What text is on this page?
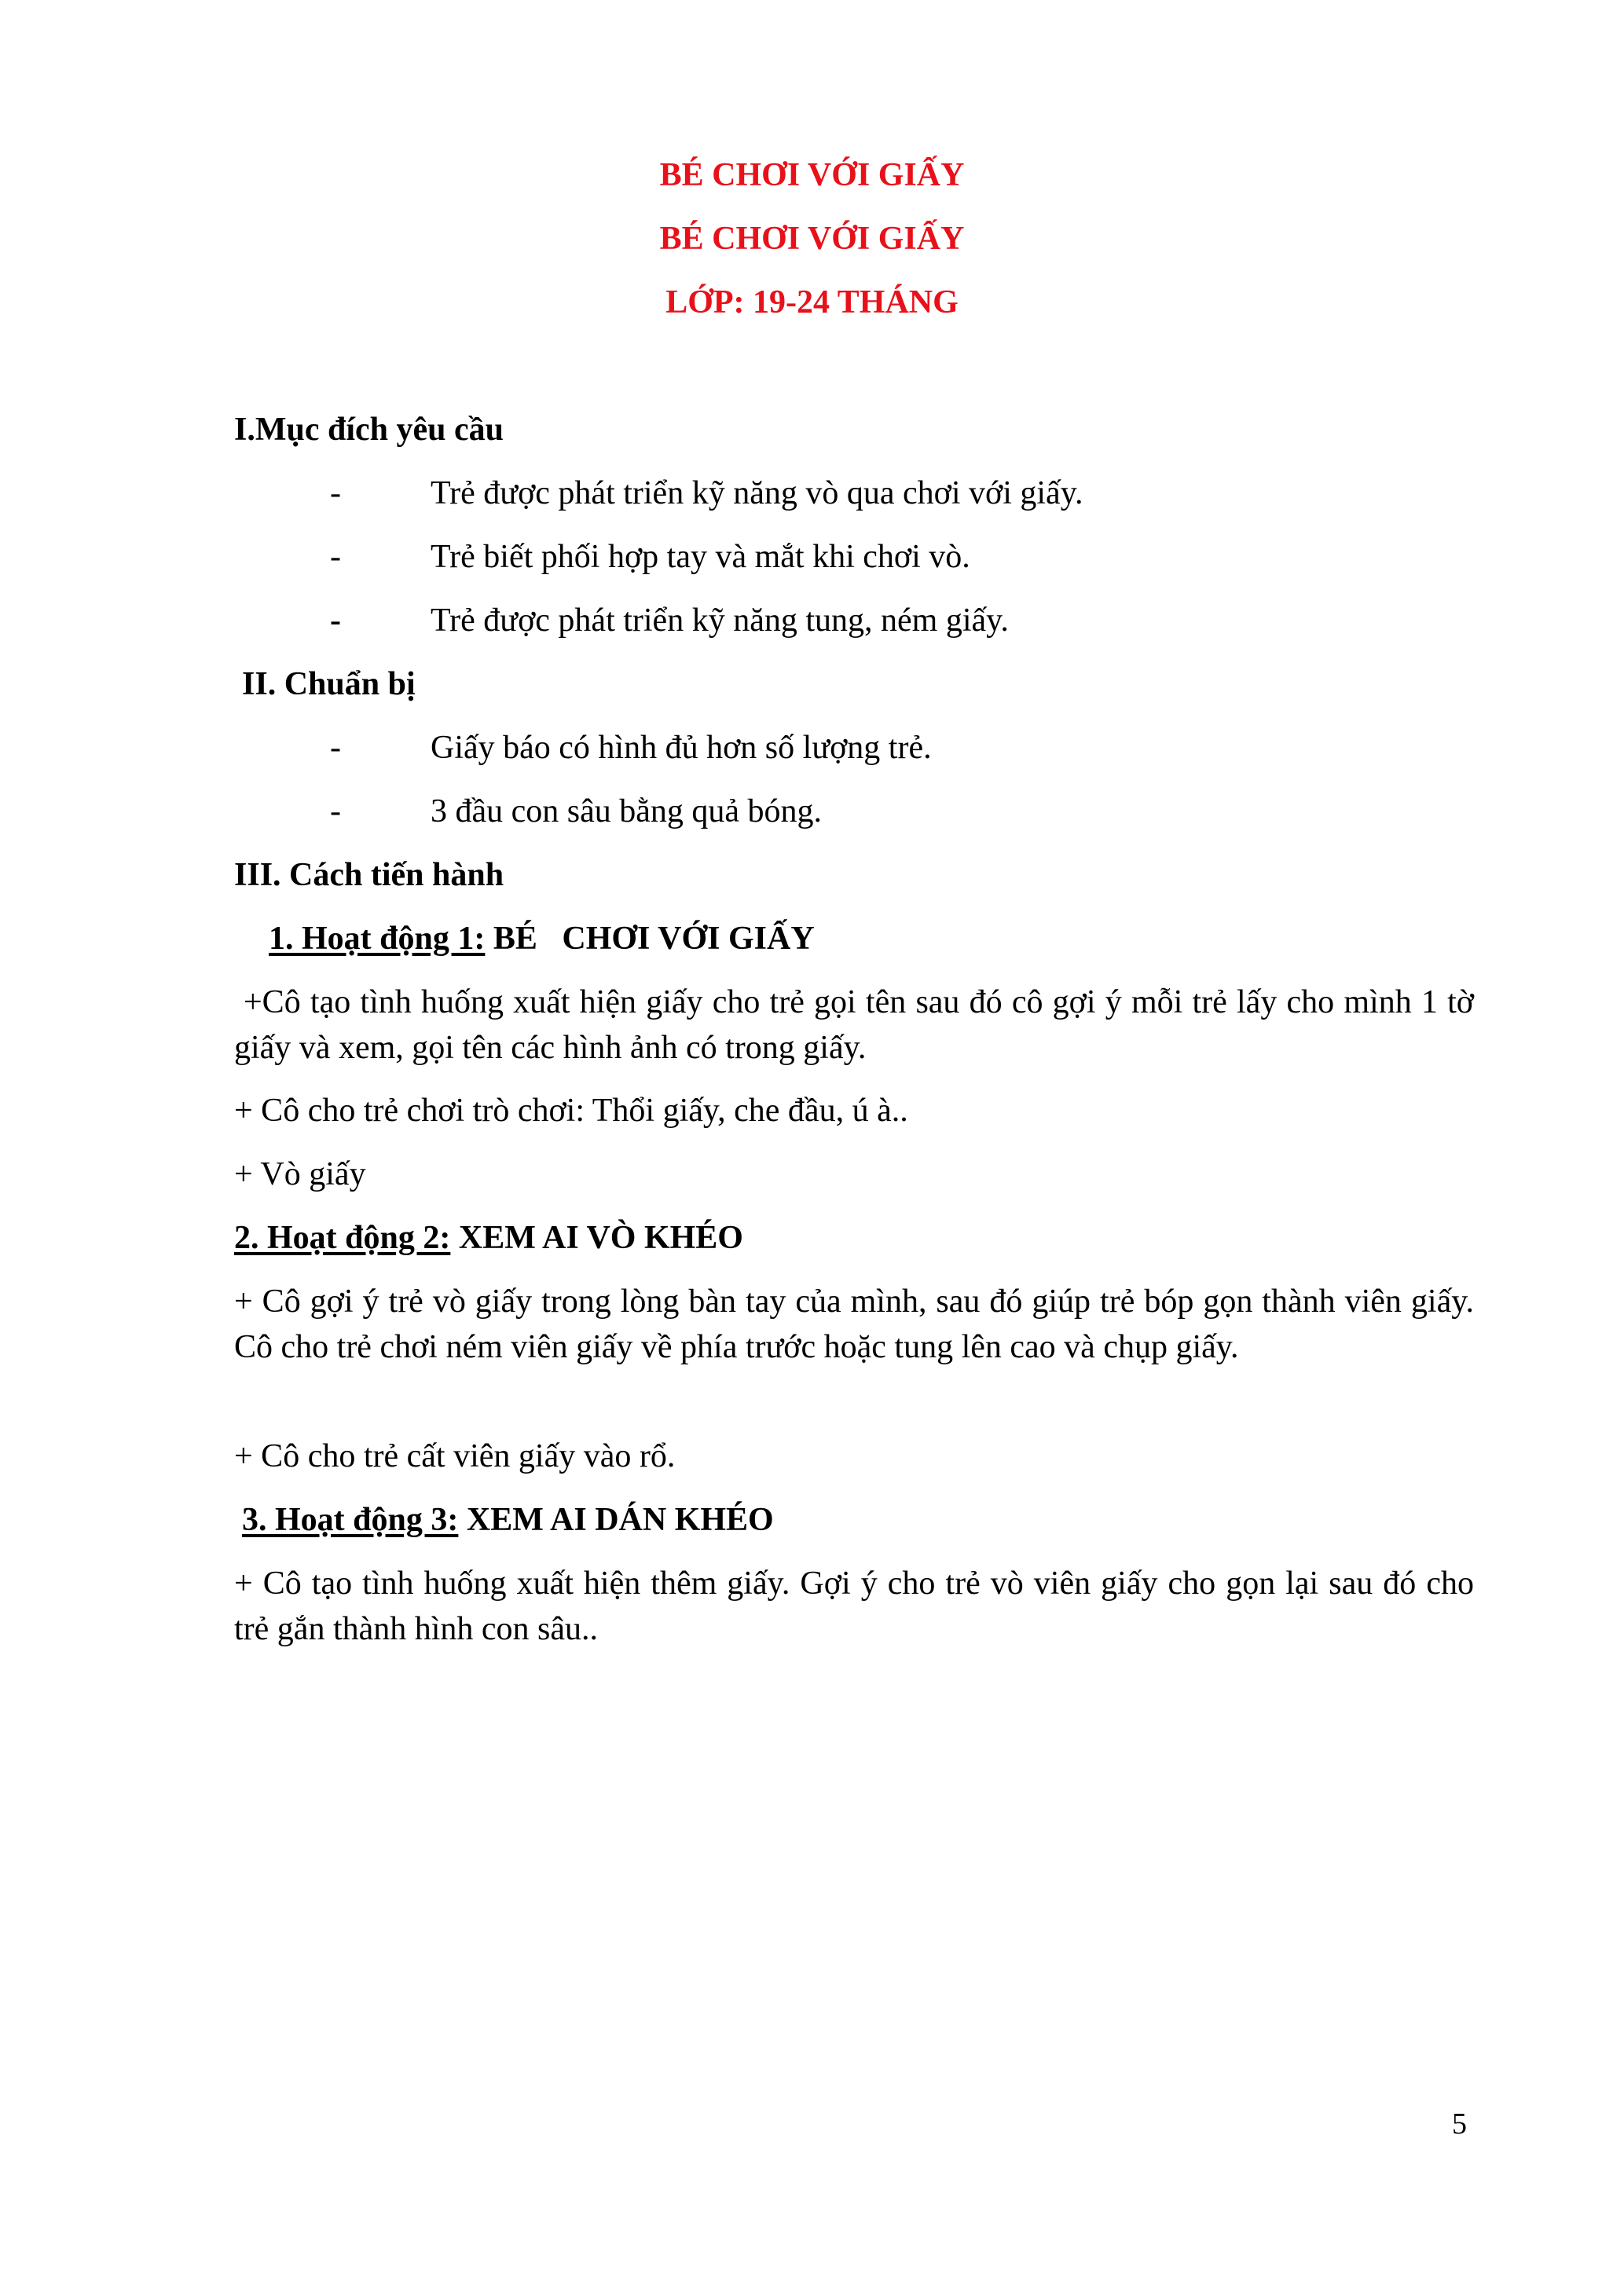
BÉ CHƠI VỚI GIẤY
BÉ CHƠI VỚI GIẤY
LỚP: 19-24 THÁNG
I.Mục đích yêu cầu
-	Trẻ được phát triển kỹ năng vò qua chơi với giấy.
-	Trẻ biết phối hợp tay và mắt khi chơi vò.
-	Trẻ được phát triển kỹ năng tung, ném giấy.
II. Chuẩn bị
-	Giấy báo có hình đủ hơn số lượng trẻ.
-	3 đầu con sâu bằng quả bóng.
III. Cách tiến hành
1. Hoạt động 1: BÉ   CHƠI VỚI GIẤY
+Cô tạo tình huống xuất hiện giấy cho trẻ gọi tên sau đó cô gợi ý mỗi trẻ lấy cho mình 1 tờ giấy và xem, gọi tên các hình ảnh có trong giấy.
+ Cô cho trẻ chơi trò chơi: Thổi giấy, che đầu, ú à..
+ Vò giấy
2. Hoạt động 2: XEM AI VÒ KHÉO
+ Cô gợi ý trẻ vò giấy trong lòng bàn tay của mình, sau đó giúp trẻ bóp gọn thành viên giấy. Cô cho trẻ chơi ném viên giấy về phía trước hoặc tung lên cao và chụp giấy.
+ Cô cho trẻ cất viên giấy vào rổ.
3. Hoạt động 3: XEM AI DÁN KHÉO
+ Cô tạo tình huống xuất hiện thêm giấy. Gợi ý cho trẻ vò viên giấy cho gọn lại sau đó cho trẻ gắn thành hình con sâu..
5
